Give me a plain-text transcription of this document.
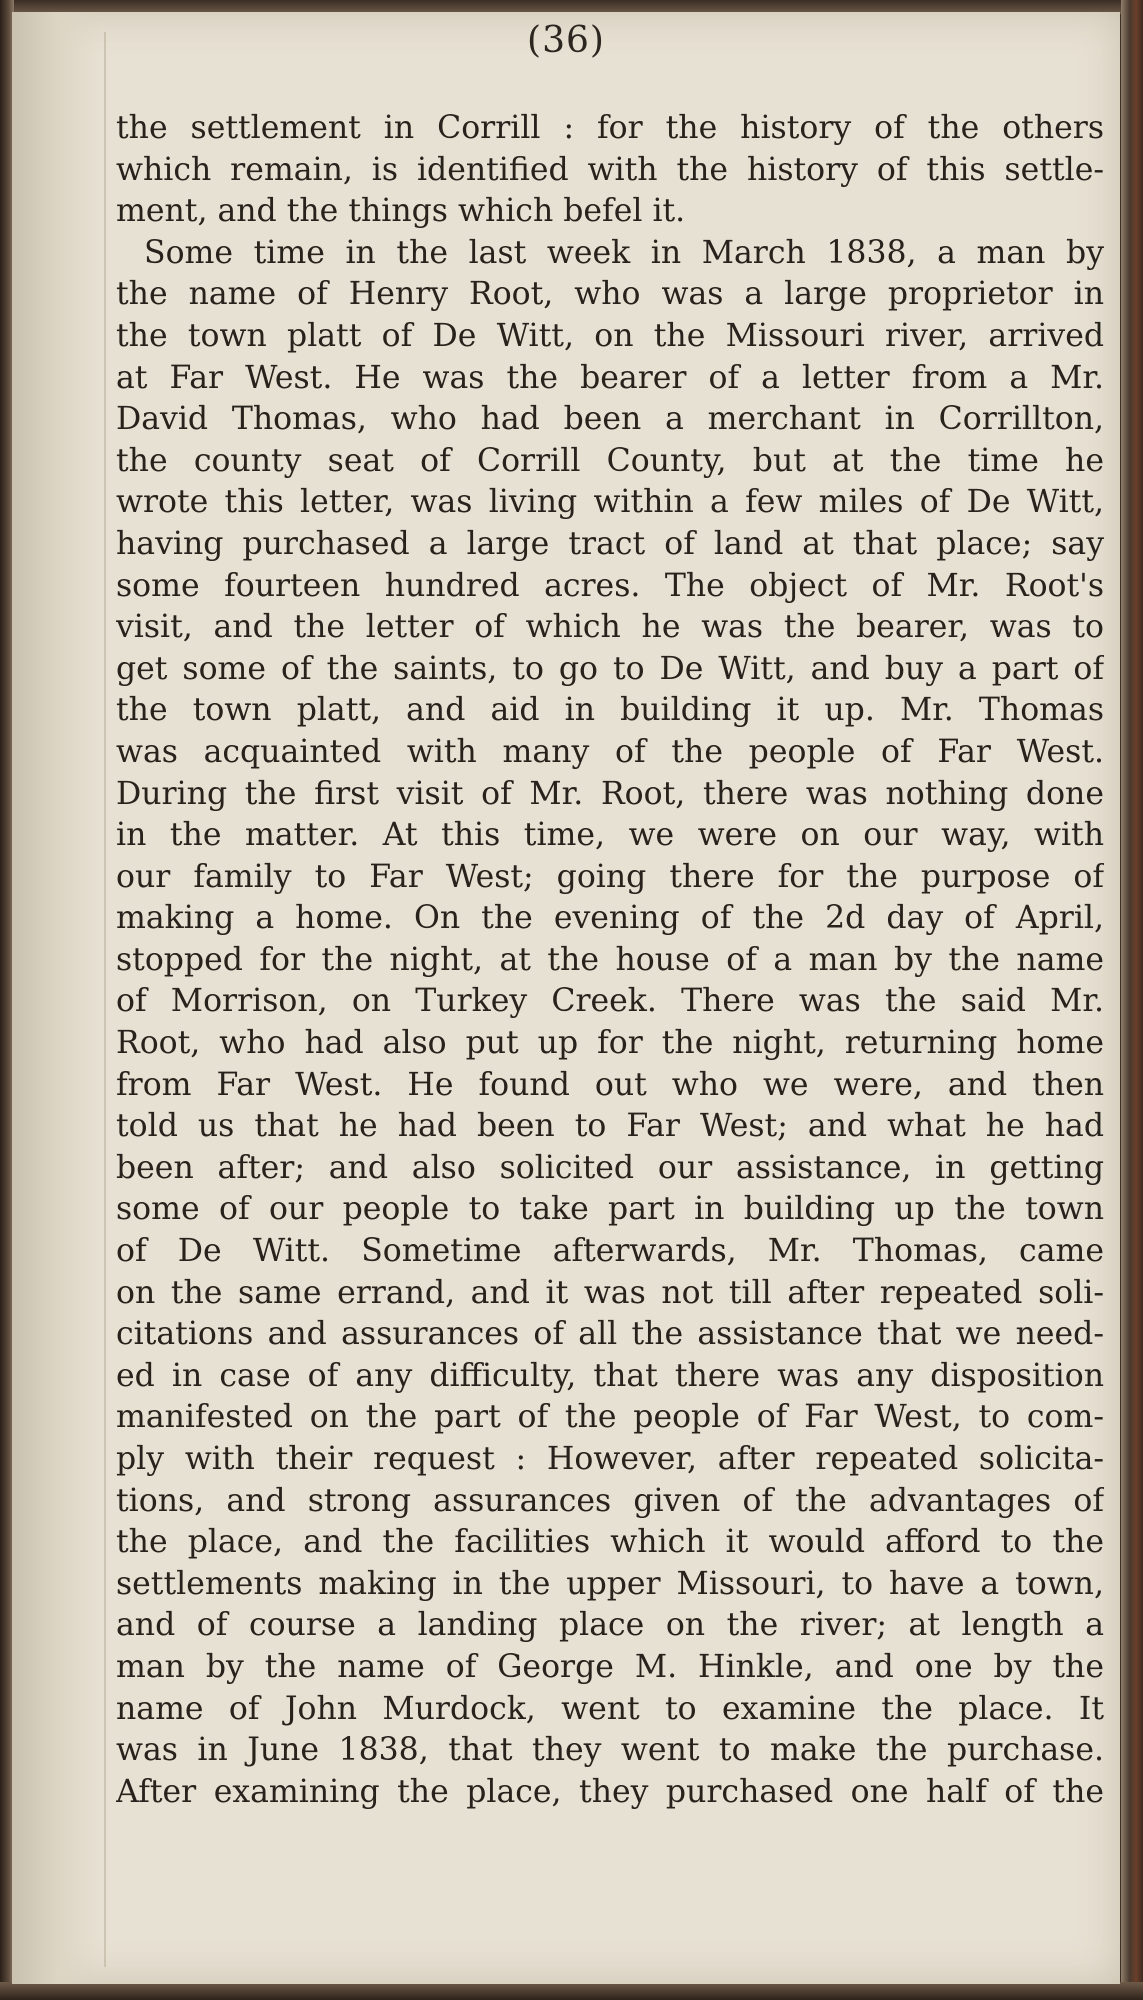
(36)
the settlement in Corrill : for the history of the others
which remain, is identified with the history of this settle-
ment, and the things which befel it.
Some time in the last week in March 1838, a man by
the name of Henry Root, who was a large proprietor in
the town platt of De Witt, on the Missouri river, arrived
at Far West. He was the bearer of a letter from a Mr.
David Thomas, who had been a merchant in Corrillton,
the county seat of Corrill County, but at the time he
wrote this letter, was living within a few miles of De Witt,
having purchased a large tract of land at that place; say
some fourteen hundred acres. The object of Mr. Root's
visit, and the letter of which he was the bearer, was to
get some of the saints, to go to De Witt, and buy a part of
the town platt, and aid in building it up. Mr. Thomas
was acquainted with many of the people of Far West.
During the first visit of Mr. Root, there was nothing done
in the matter. At this time, we were on our way, with
our family to Far West; going there for the purpose of
making a home. On the evening of the 2d day of April,
stopped for the night, at the house of a man by the name
of Morrison, on Turkey Creek. There was the said Mr.
Root, who had also put up for the night, returning home
from Far West. He found out who we were, and then
told us that he had been to Far West; and what he had
been after; and also solicited our assistance, in getting
some of our people to take part in building up the town
of De Witt. Sometime afterwards, Mr. Thomas, came
on the same errand, and it was not till after repeated soli-
citations and assurances of all the assistance that we need-
ed in case of any difficulty, that there was any disposition
manifested on the part of the people of Far West, to com-
ply with their request : However, after repeated solicita-
tions, and strong assurances given of the advantages of
the place, and the facilities which it would afford to the
settlements making in the upper Missouri, to have a town,
and of course a landing place on the river; at length a
man by the name of George M. Hinkle, and one by the
name of John Murdock, went to examine the place. It
was in June 1838, that they went to make the purchase.
After examining the place, they purchased one half of the
